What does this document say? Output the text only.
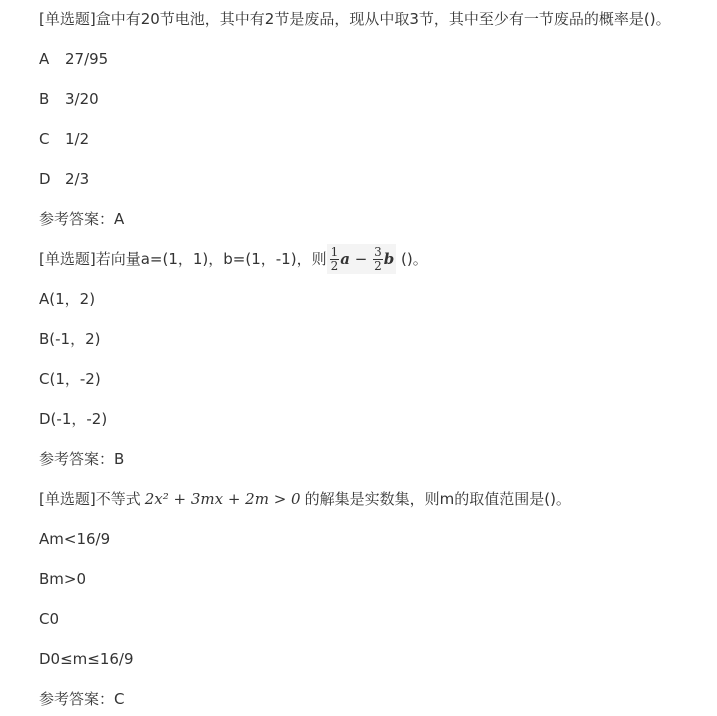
[单选题]盒中有20节电池，其中有2节是废品，现从中取3节，其中至少有一节废品的概率是()。
A 27/95
B 3/20
C 1/2
D 2/3
参考答案：A
[单选题]若向量a=(1，1)，b=(1，-1)，则 $\frac{1}{2}$ $a - \frac{3}{2}$ b ()。
A(1，2)
B(-1，2)
C(1，-2)
D(-1，-2)
参考答案：B
[单选题]不等式 2x² + 3mx + 2m > 0 的解集是实数集，则m的取值范围是()。
Am<16/9
Bm>0
C0
D0≤m≤16/9
参考答案：C
